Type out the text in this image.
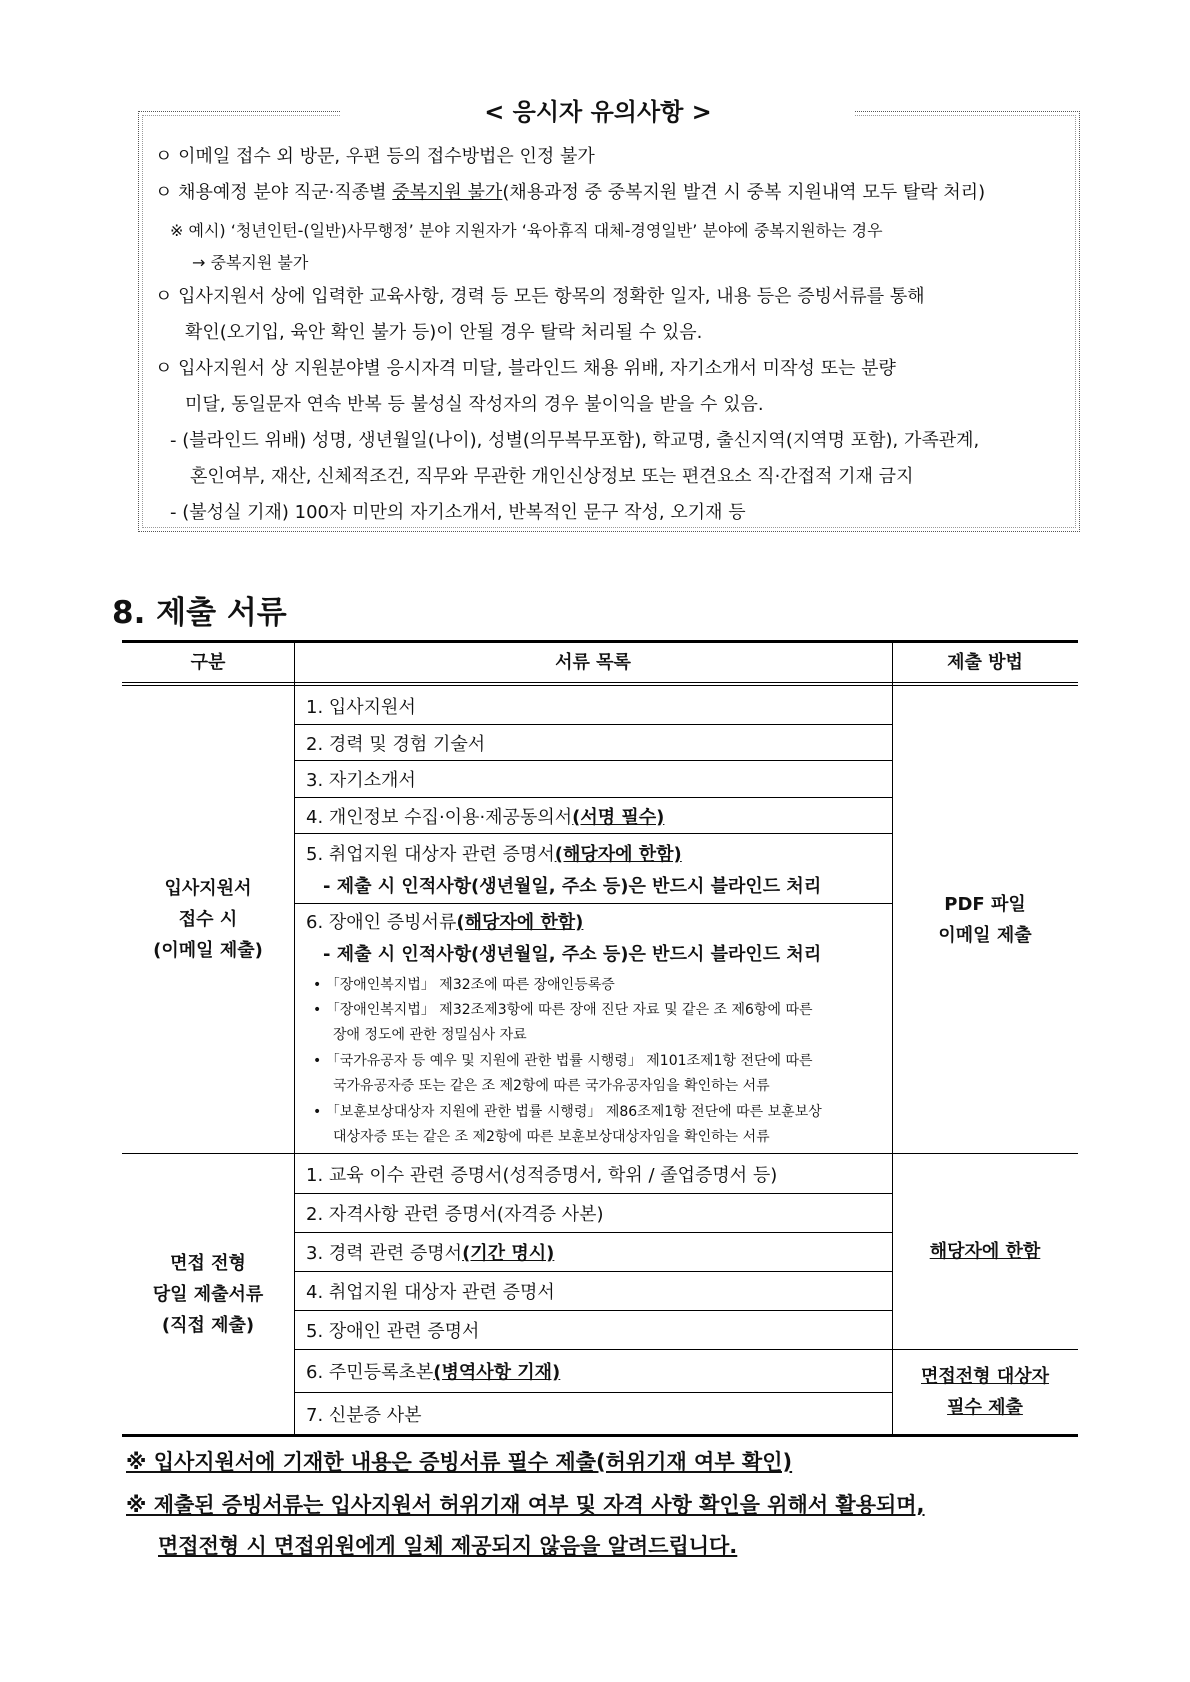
< 응시자 유의사항 >
ㅇ 이메일 접수 외 방문, 우편 등의 접수방법은 인정 불가
ㅇ 채용예정 분야 직군·직종별 중복지원 불가(채용과정 중 중복지원 발견 시 중복 지원내역 모두 탈락 처리)
※ 예시) ‘청년인턴-(일반)사무행정’ 분야 지원자가 ‘육아휴직 대체-경영일반’ 분야에 중복지원하는 경우
→ 중복지원 불가
ㅇ 입사지원서 상에 입력한 교육사항, 경력 등 모든 항목의 정확한 일자, 내용 등은 증빙서류를 통해
확인(오기입, 육안 확인 불가 등)이 안될 경우 탈락 처리될 수 있음.
ㅇ 입사지원서 상 지원분야별 응시자격 미달, 블라인드 채용 위배, 자기소개서 미작성 또는 분량
미달, 동일문자 연속 반복 등 불성실 작성자의 경우 불이익을 받을 수 있음.
- (블라인드 위배) 성명, 생년월일(나이), 성별(의무복무포함), 학교명, 출신지역(지역명 포함), 가족관계,
혼인여부, 재산, 신체적조건, 직무와 무관한 개인신상정보 또는 편견요소 직·간접적 기재 금지
- (불성실 기재) 100자 미만의 자기소개서, 반복적인 문구 작성, 오기재 등
8. 제출 서류
구분	서류 목록	제출 방법
입사지원서
접수 시
(이메일 제출)
PDF 파일
이메일 제출
1. 입사지원서
2. 경력 및 경험 기술서
3. 자기소개서
4. 개인정보 수집·이용·제공동의서 (서명 필수)
5. 취업지원 대상자 관련 증명서 (해당자에 한함)
- 제출 시 인적사항(생년월일, 주소 등)은 반드시 블라인드 처리
6. 장애인 증빙서류 (해당자에 한함)
- 제출 시 인적사항(생년월일, 주소 등)은 반드시 블라인드 처리
• 「장애인복지법」 제32조에 따른 장애인등록증
• 「장애인복지법」 제32조제3항에 따른 장애 진단 자료 및 같은 조 제6항에 따른
장애 정도에 관한 정밀심사 자료
• 「국가유공자 등 예우 및 지원에 관한 법률 시행령」 제101조제1항 전단에 따른
국가유공자증 또는 같은 조 제2항에 따른 국가유공자임을 확인하는 서류
• 「보훈보상대상자 지원에 관한 법률 시행령」 제86조제1항 전단에 따른 보훈보상
대상자증 또는 같은 조 제2항에 따른 보훈보상대상자임을 확인하는 서류
면접 전형
당일 제출서류
(직접 제출)
해당자에 한함
면접전형 대상자
필수 제출
1. 교육 이수 관련 증명서(성적증명서, 학위 / 졸업증명서 등)
2. 자격사항 관련 증명서(자격증 사본)
3. 경력 관련 증명서 (기간 명시)
4. 취업지원 대상자 관련 증명서
5. 장애인 관련 증명서
6. 주민등록초본 (병역사항 기재)
7. 신분증 사본
※ 입사지원서에 기재한 내용은 증빙서류 필수 제출(허위기재 여부 확인)
※ 제출된 증빙서류는 입사지원서 허위기재 여부 및 자격 사항 확인을 위해서 활용되며,
면접전형 시 면접위원에게 일체 제공되지 않음을 알려드립니다.
